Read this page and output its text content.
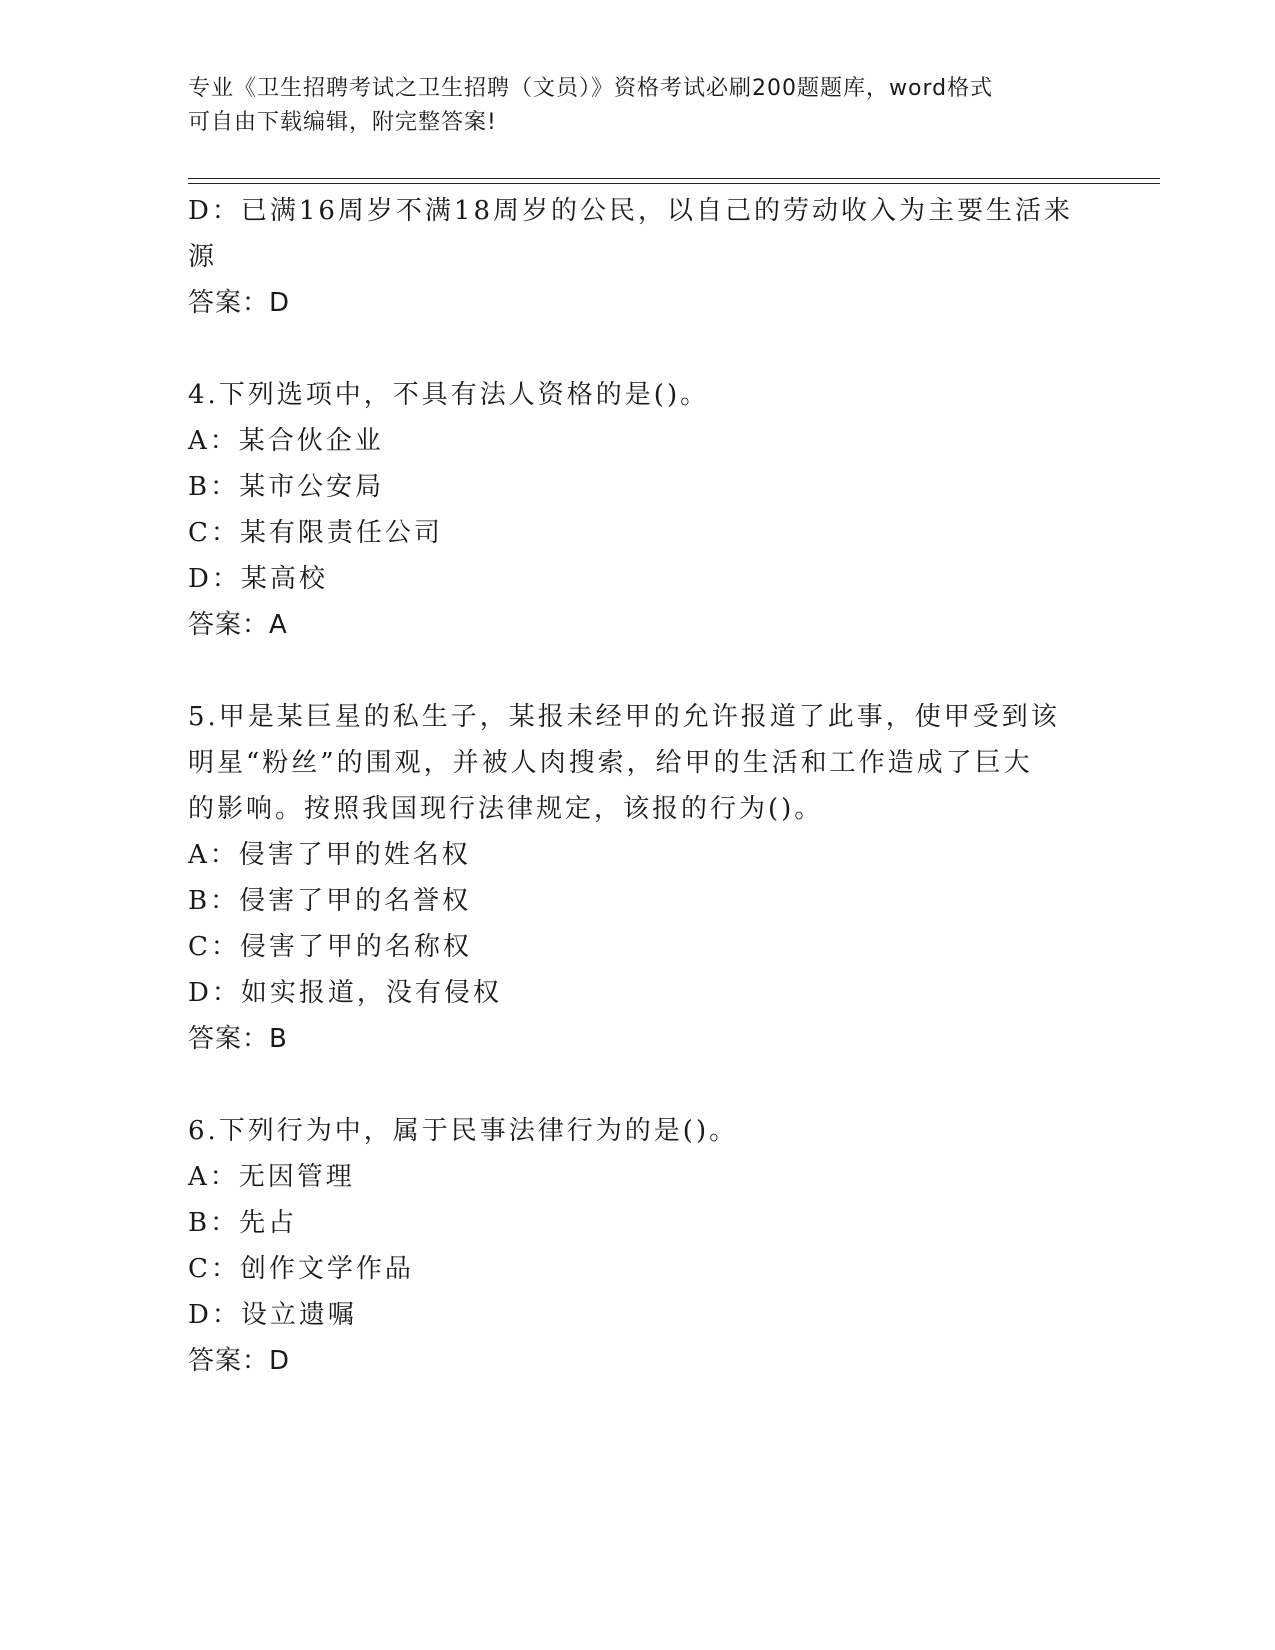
专业《卫生招聘考试之卫生招聘（文员）》资格考试必刷200题题库，word格式
可自由下载编辑，附完整答案!
D：已满16周岁不满18周岁的公民，以自己的劳动收入为主要生活来
源
答案：D
4.下列选项中，不具有法人资格的是()。
A：某合伙企业
B：某市公安局
C：某有限责任公司
D：某高校
答案：A
5.甲是某巨星的私生子，某报未经甲的允许报道了此事，使甲受到该
明星“粉丝”的围观，并被人肉搜索，给甲的生活和工作造成了巨大
的影响。按照我国现行法律规定，该报的行为()。
A：侵害了甲的姓名权
B：侵害了甲的名誉权
C：侵害了甲的名称权
D：如实报道，没有侵权
答案：B
6.下列行为中，属于民事法律行为的是()。
A：无因管理
B：先占
C：创作文学作品
D：设立遗嘱
答案：D
